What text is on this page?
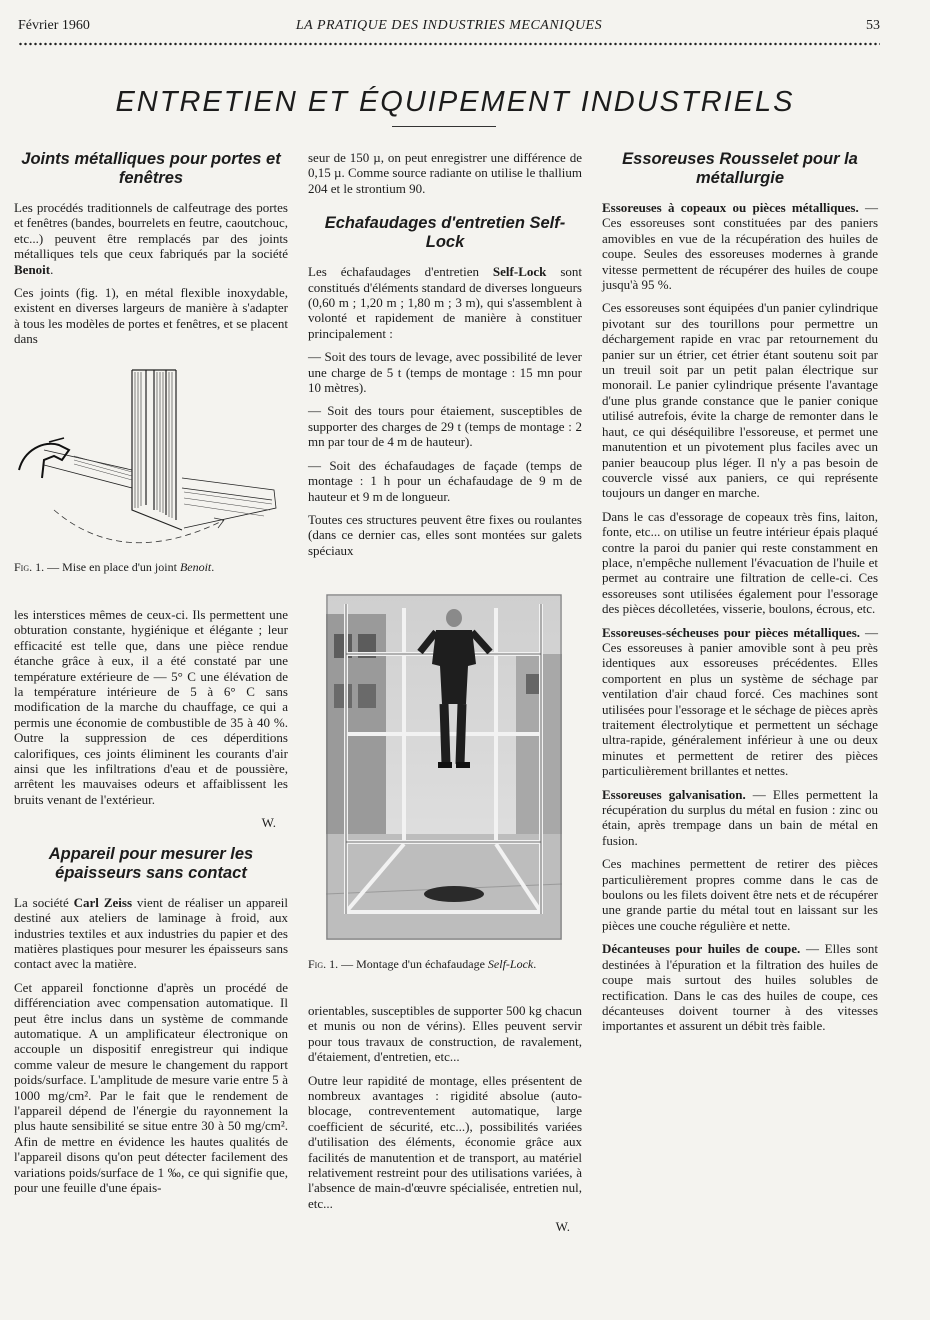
Février 1960	LA PRATIQUE DES INDUSTRIES MECANIQUES	53
ENTRETIEN ET ÉQUIPEMENT INDUSTRIELS
Joints métalliques pour portes et fenêtres

Les procédés traditionnels de calfeutrage des portes et fenêtres (bandes, bourrelets en feutre, caoutchouc, etc...) peuvent être remplacés par des joints métalliques tels que ceux fabriqués par la société Benoit.

Ces joints (fig. 1), en métal flexible inoxydable, existent en diverses largeurs de manière à s'adapter à tous les modèles de portes et fenêtres, et se placent dans

Fig. 1. — Mise en place d'un joint Benoit.

les interstices mêmes de ceux-ci. Ils permettent une obturation constante, hygiénique et élégante ; leur efficacité est telle que, dans une pièce rendue étanche grâce à eux, il a été constaté par une température extérieure de — 5° C une élévation de la température intérieure de 5 à 6° C sans modification de la marche du chauffage, ce qui a permis une économie de combustible de 35 à 40 %. Outre la suppression de ces déperditions calorifiques, ces joints éliminent les courants d'air ainsi que les infiltrations d'eau et de poussière, arrêtent les mauvaises odeurs et affaiblissent les bruits venant de l'extérieur.

W.

Appareil pour mesurer les épaisseurs sans contact

La société Carl Zeiss vient de réaliser un appareil destiné aux ateliers de laminage à froid, aux industries textiles et aux industries du papier et des matières plastiques pour mesurer les épaisseurs sans contact avec la matière.

Cet appareil fonctionne d'après un procédé de différenciation avec compensation automatique. Il peut être inclus dans un système de commande automatique. A un amplificateur électronique on accouple un dispositif enregistreur qui indique comme valeur de mesure le changement du rapport poids/surface. L'amplitude de mesure varie entre 5 à 1000 mg/cm². Par le fait que le rendement de l'appareil dépend de l'énergie du rayonnement la plus haute sensibilité se situe entre 30 à 50 mg/cm². Afin de mettre en évidence les hautes qualités de l'appareil disons qu'on peut détecter facilement des variations poids/surface de 1 ‰, ce qui signifie que, pour une feuille d'une épais-

seur de 150 µ, on peut enregistrer une différence de 0,15 µ. Comme source radiante on utilise le thallium 204 et le strontium 90.

Echafaudages d'entretien Self-Lock

Les échafaudages d'entretien Self-Lock sont constitués d'éléments standard de diverses longueurs (0,60 m ; 1,20 m ; 1,80 m ; 3 m), qui s'assemblent à volonté et rapidement de manière à constituer principalement :

— Soit des tours de levage, avec possibilité de lever une charge de 5 t (temps de montage : 15 mn pour 10 mètres).

— Soit des tours pour étaiement, susceptibles de supporter des charges de 29 t (temps de montage : 2 mn par tour de 4 m de hauteur).

— Soit des échafaudages de façade (temps de montage : 1 h pour un échafaudage de 9 m de hauteur et 9 m de longueur.

Toutes ces structures peuvent être fixes ou roulantes (dans ce dernier cas, elles sont montées sur galets spéciaux

Fig. 1. — Montage d'un échafaudage Self-Lock.

orientables, susceptibles de supporter 500 kg chacun et munis ou non de vérins). Elles peuvent servir pour tous travaux de construction, de ravalement, d'étaiement, d'entretien, etc...

Outre leur rapidité de montage, elles présentent de nombreux avantages : rigidité absolue (auto-blocage, contreventement automatique, large coefficient de sécurité, etc...), possibilités variées d'utilisation des éléments, économie grâce aux facilités de manutention et de transport, au matériel relativement restreint pour des utilisations variées, à l'absence de main-d'œuvre spécialisée, entretien nul, etc...

W.

Essoreuses Rousselet pour la métallurgie

Essoreuses à copeaux ou pièces métalliques. — Ces essoreuses sont constituées par des paniers amovibles en vue de la récupération des huiles de coupe. Seules des essoreuses modernes à grande vitesse permettent de récupérer des huiles de coupe jusqu'à 95 %.

Ces essoreuses sont équipées d'un panier cylindrique pivotant sur des tourillons pour permettre un déchargement rapide en vrac par retournement du panier sur un étrier, cet étrier étant soutenu soit par un treuil soit par un petit palan électrique sur monorail. Le panier cylindrique présente l'avantage d'une plus grande constance que le panier conique utilisé autrefois, évite la charge de remonter dans le haut, ce qui déséquilibre l'essoreuse, et permet une manutention et un pivotement plus faciles avec un panier beaucoup plus léger. Il n'y a pas besoin de couvercle vissé aux paniers, ce qui représente toujours un danger en marche.

Dans le cas d'essorage de copeaux très fins, laiton, fonte, etc... on utilise un feutre intérieur épais plaqué contre la paroi du panier qui reste constamment en place, n'empêche nullement l'évacuation de l'huile et permet au contraire une filtration de celle-ci. Ces essoreuses sont utilisées également pour l'essorage des pièces décolletées, visserie, boulons, écrous, etc.

Essoreuses-sécheuses pour pièces métalliques. — Ces essoreuses à panier amovible sont à peu près identiques aux essoreuses précédentes. Elles comportent en plus un système de séchage par ventilation d'air chaud forcé. Ces machines sont utilisées pour l'essorage et le séchage de pièces après traitement électrolytique et permettent un séchage ultra-rapide, généralement inférieur à une ou deux minutes et permettent de retirer des pièces particulièrement brillantes et nettes.

Essoreuses galvanisation. — Elles permettent la récupération du surplus du métal en fusion : zinc ou étain, après trempage dans un bain de métal en fusion.

Ces machines permettent de retirer des pièces particulièrement propres comme dans le cas de boulons ou les filets doivent être nets et de récupérer une grande partie du métal tout en laissant sur les pièces une couche régulière et nette.

Décanteuses pour huiles de coupe. — Elles sont destinées à l'épuration et la filtration des huiles de coupe mais surtout des huiles solubles de rectification. Dans le cas des huiles de coupe, ces décanteuses doivent tourner à des vitesses importantes et assurent un débit très faible.
